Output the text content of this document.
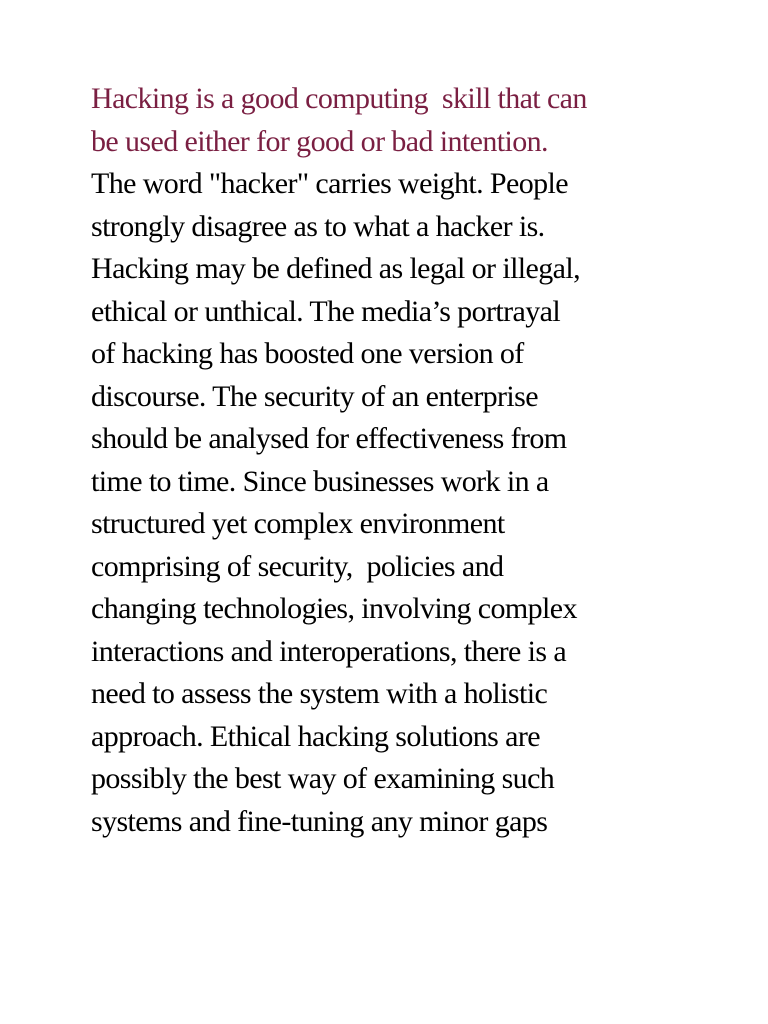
Hacking is a good computing  skill that can
be used either for good or bad intention.
The word "hacker" carries weight. People
strongly disagree as to what a hacker is.
Hacking may be defined as legal or illegal,
ethical or unthical. The media’s portrayal
of hacking has boosted one version of
discourse. The security of an enterprise
should be analysed for effectiveness from
time to time. Since businesses work in a
structured yet complex environment
comprising of security,  policies and
changing technologies, involving complex
interactions and interoperations, there is a
need to assess the system with a holistic
approach. Ethical hacking solutions are
possibly the best way of examining such
systems and fine-tuning any minor gaps
